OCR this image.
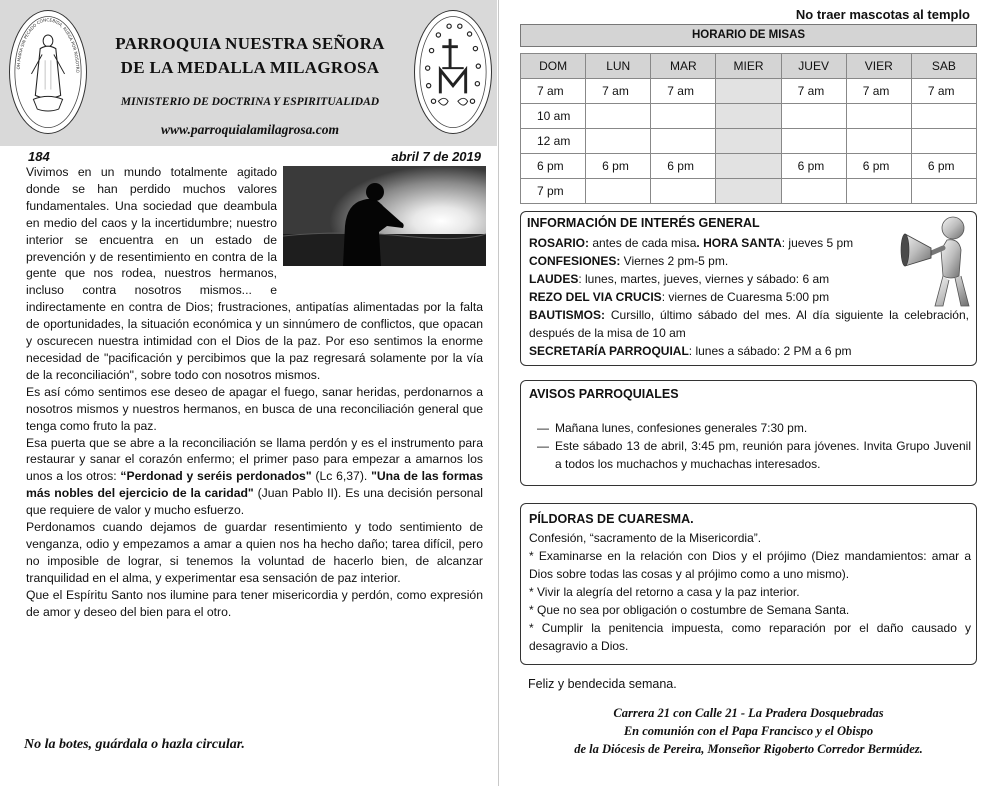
OH MARIA SIN PECADO CONCEBIDA, RUEGA POR NOSOTRO
PARROQUIA NUESTRA SEÑORA
DE LA MEDALLA MILAGROSA
MINISTERIO DE DOCTRINA Y ESPIRITUALIDAD
www.parroquialamilagrosa.com
184	abril 7 de 2019

Vivimos en un mundo totalmente agitado donde se han perdido muchos valores fundamentales. Una sociedad que deambula en medio del caos y la incertidumbre; nuestro interior se encuentra en un estado de prevención y de resentimiento en contra de la gente que nos rodea, nuestros hermanos, incluso contra nosotros mismos... e indirectamente en contra de Dios; frustraciones, antipatías alimentadas por la falta de oportunidades, la situación económica y un sinnúmero de conflictos, que opacan y oscurecen nuestra intimidad con el Dios de la paz. Por eso sentimos la enorme necesidad de "pacificación y percibimos que la paz regresará solamente por la vía de la reconciliación", sobre todo con nosotros mismos.

Es así cómo sentimos ese deseo de apagar el fuego, sanar heridas, perdonarnos a nosotros mismos y nuestros hermanos, en busca de una reconciliación general que tenga como fruto la paz.

Esa puerta que se abre a la reconciliación se llama perdón y es el instrumento para restaurar y sanar el corazón enfermo; el primer paso para empezar a amarnos los unos a los otros: “Perdonad y seréis perdonados" (Lc 6,37). "Una de las formas más nobles del ejercicio de la caridad" (Juan Pablo II). Es una decisión personal que requiere de valor y mucho esfuerzo.

Perdonamos cuando dejamos de guardar resentimiento y todo sentimiento de venganza, odio y empezamos a amar a quien nos ha hecho daño; tarea difícil, pero no imposible de lograr, si tenemos la voluntad de hacerlo bien, de alcanzar tranquilidad en el alma, y experimentar esa sensación de paz interior.

Que el Espíritu Santo nos ilumine para tener misericordia y perdón, como expresión de amor y deseo del bien para el otro.

No la botes, guárdala o hazla circular.
No traer mascotas al templo
HORARIO DE MISAS
DOM	LUN	MAR	MIER	JUEV	VIER	SAB
7 am	7 am	7 am		7 am	7 am	7 am
10 am						
12 am						
6 pm	6 pm	6 pm		6 pm	6 pm	6 pm
7 pm						
INFORMACIÓN DE INTERÉS GENERAL
ROSARIO: antes de cada misa. HORA SANTA: jueves 5 pm
CONFESIONES: Viernes 2 pm-5 pm.
LAUDES: lunes, martes, jueves, viernes y sábado: 6 am
REZO DEL VIA CRUCIS: viernes de Cuaresma 5:00 pm
BAUTISMOS: Cursillo, último sábado del mes. Al día siguiente la celebración, después de la misa de 10 am
SECRETARÍA PARROQUIAL: lunes a sábado: 2 PM a 6 pm
AVISOS PARROQUIALES
— Mañana lunes, confesiones generales 7:30 pm.
— Este sábado 13 de abril, 3:45 pm, reunión para jóvenes. Invita Grupo Juvenil a todos los muchachos y muchachas interesados.
PÍLDORAS DE CUARESMA.
Confesión, “sacramento de la Misericordia”.
* Examinarse en la relación con Dios y el prójimo (Diez mandamientos: amar a Dios sobre todas las cosas y al prójimo como a uno mismo).
* Vivir la alegría del retorno a casa y la paz interior.
* Que no sea por obligación o costumbre de Semana Santa.
* Cumplir la penitencia impuesta, como reparación por el daño causado y desagravio a Dios.
Feliz y bendecida semana.
Carrera 21 con Calle 21 - La Pradera Dosquebradas
En comunión con el Papa Francisco y el Obispo
de la Diócesis de Pereira, Monseñor Rigoberto Corredor Bermúdez.
